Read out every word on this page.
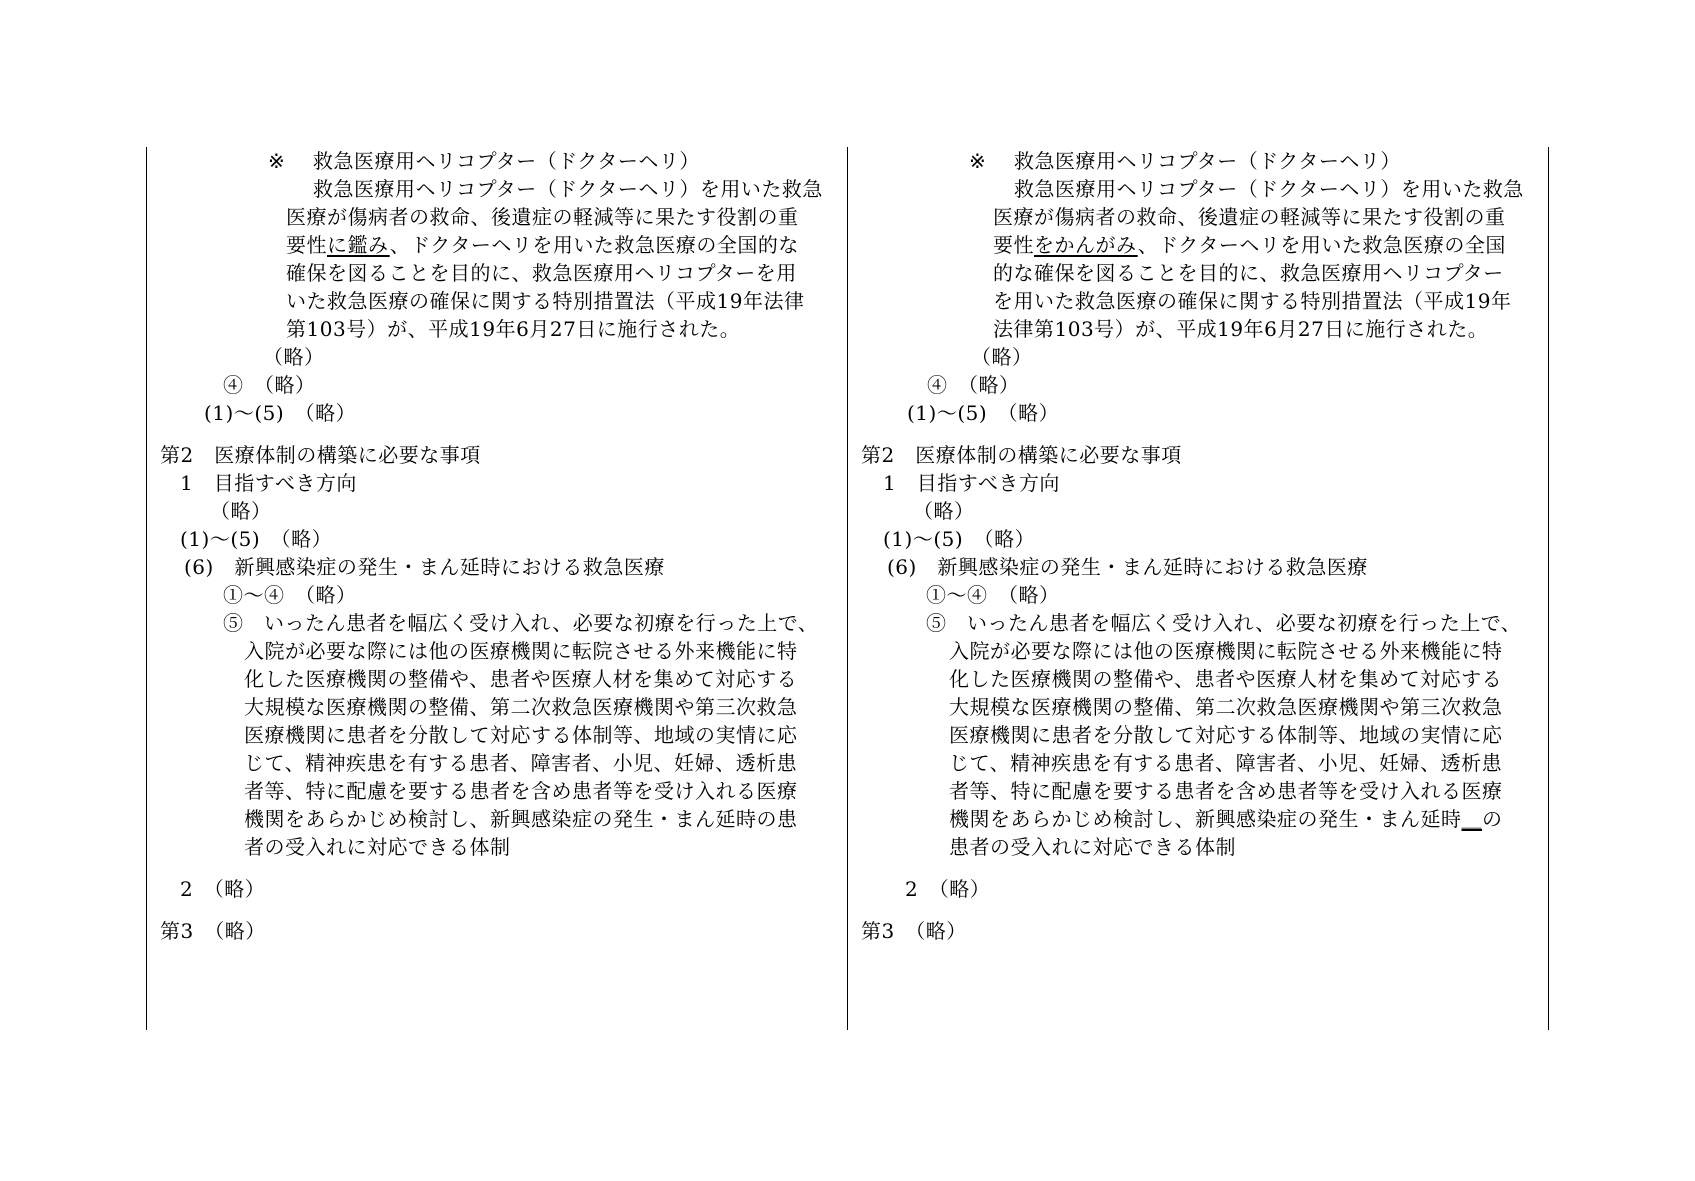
※ 救急医療用ヘリコプター（ドクターヘリ）
救急医療用ヘリコプター（ドクターヘリ）を用いた救急
医療が傷病者の救命、後遺症の軽減等に果たす役割の重
要性に鑑み、ドクターヘリを用いた救急医療の全国的な
確保を図ることを目的に、救急医療用ヘリコプターを用
いた救急医療の確保に関する特別措置法（平成19年法律
第103号）が、平成19年6月27日に施行された。
（略）
④　（略）
(1)～(5)　（略）
第2　医療体制の構築に必要な事項
1　目指すべき方向
（略）
(1)～(5)　（略）
(6)　新興感染症の発生・まん延時における救急医療
①～④　（略）
⑤　いったん患者を幅広く受け入れ、必要な初療を行った上で、
入院が必要な際には他の医療機関に転院させる外来機能に特
化した医療機関の整備や、患者や医療人材を集めて対応する
大規模な医療機関の整備、第二次救急医療機関や第三次救急
医療機関に患者を分散して対応する体制等、地域の実情に応
じて、精神疾患を有する患者、障害者、小児、妊婦、透析患
者等、特に配慮を要する患者を含め患者等を受け入れる医療
機関をあらかじめ検討し、新興感染症の発生・まん延時の患
者の受入れに対応できる体制
2　（略）
第3　（略）
※ 救急医療用ヘリコプター（ドクターヘリ）
救急医療用ヘリコプター（ドクターヘリ）を用いた救急
医療が傷病者の救命、後遺症の軽減等に果たす役割の重
要性をかんがみ、ドクターヘリを用いた救急医療の全国
的な確保を図ることを目的に、救急医療用ヘリコプター
を用いた救急医療の確保に関する特別措置法（平成19年
法律第103号）が、平成19年6月27日に施行された。
（略）
④　（略）
(1)～(5)　（略）
第2　医療体制の構築に必要な事項
1　目指すべき方向
（略）
(1)～(5)　（略）
(6)　新興感染症の発生・まん延時における救急医療
①～④　（略）
⑤　いったん患者を幅広く受け入れ、必要な初療を行った上で、
入院が必要な際には他の医療機関に転院させる外来機能に特
化した医療機関の整備や、患者や医療人材を集めて対応する
大規模な医療機関の整備、第二次救急医療機関や第三次救急
医療機関に患者を分散して対応する体制等、地域の実情に応
じて、精神疾患を有する患者、障害者、小児、妊婦、透析患
者等、特に配慮を要する患者を含め患者等を受け入れる医療
機関をあらかじめ検討し、新興感染症の発生・まん延時＿の
患者の受入れに対応できる体制
2　（略）
第3　（略）
